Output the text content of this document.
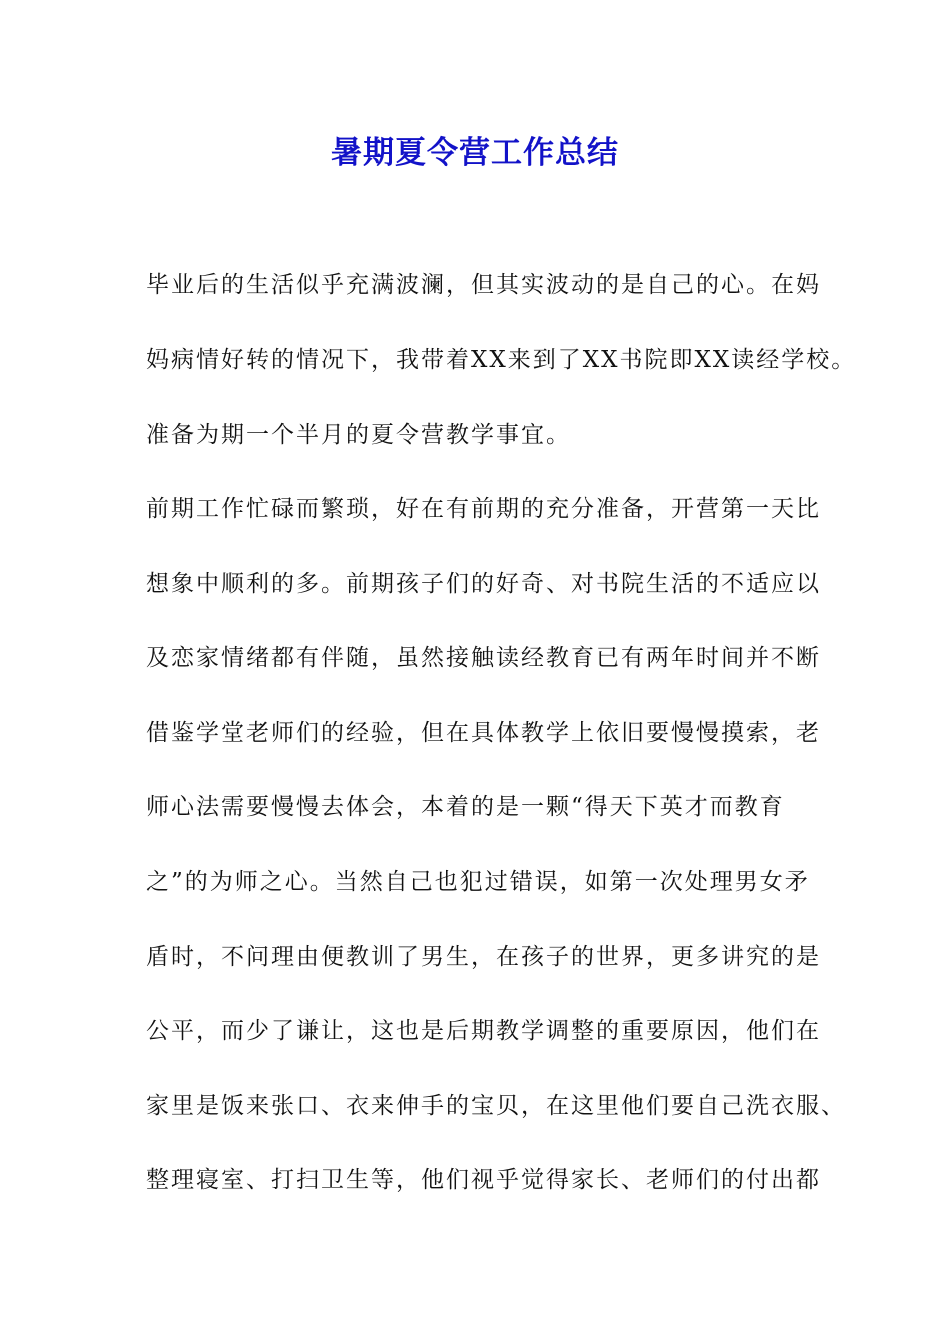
暑期夏令营工作总结
毕业后的生活似乎充满波澜，但其实波动的是自己的心。在妈
妈病情好转的情况下，我带着XX来到了XX书院即XX读经学校。
准备为期一个半月的夏令营教学事宜。
前期工作忙碌而繁琐，好在有前期的充分准备，开营第一天比
想象中顺利的多。前期孩子们的好奇、对书院生活的不适应以
及恋家情绪都有伴随，虽然接触读经教育已有两年时间并不断
借鉴学堂老师们的经验，但在具体教学上依旧要慢慢摸索，老
师心法需要慢慢去体会，本着的是一颗“得天下英才而教育
之”的为师之心。当然自己也犯过错误，如第一次处理男女矛
盾时，不问理由便教训了男生，在孩子的世界，更多讲究的是
公平，而少了谦让，这也是后期教学调整的重要原因，他们在
家里是饭来张口、衣来伸手的宝贝，在这里他们要自己洗衣服、
整理寝室、打扫卫生等，他们视乎觉得家长、老师们的付出都
